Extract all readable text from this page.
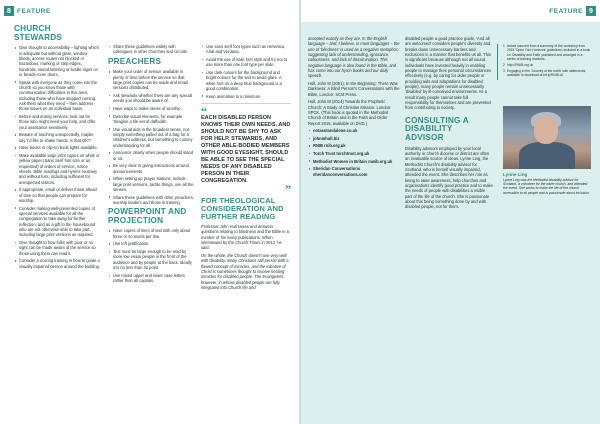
8 FEATURE	FEATURE 9
CHURCH STEWARDS
Give thought to accessibility – lighting which is adequate but without glare, window blinds, access routes not blocked or hazardous, marking of step edges, handrails, raised lettering or braille signs on or beside room doors.
Speak with everyone as they come into the church so you know those with communication difficulties in this area, including those who have stopped coming. Ask them what they need – then address those issues on an individual basis.
Before and during services, look out for those who might need your help, and offer your assistance sensitively.
Beware of touching unexpectedly, maybe say 'I'd like to shake hands, is that OK?'
Have books or clip-on book lights available.
Make available large print copies on white or yellow paper (Sans Serif font size or as requested) of orders of service, notice sheets, Bible readings and hymns routinely and without fuss, including sufficient for unexpected visitors.
If appropriate, email or deliver these ahead of time so that people can prepare for worship.
Consider making well-presented copies of special services available for all the congregation to take away for further reflection; and as a gift to the housebound who are not otherwise able to take part, including large print versions as required.
Give thought to how folks with poor or no sight can be made aware of the service so those using them can read it.
Consider a scoring training in how to guide a visually impaired person around the building.
Share these guidelines widely with colleagues in other churches and circuits.
PREACHERS
Make your order of service available in plenty of time before the service so that large print copies can be made and email versions distributed.
Ask stewards whether there are any special needs you should be aware of.
Have ways to make sense of worship.
Describe visual elements, for example 'Imagine a tile set of daffodils'.
Use visual aids in the broadest sense, not simply something pulled out of a bag for a children's address, but something to convey understanding for all.
Announce clearly when people should stand or sit.
Be very clear in giving instructions around announcements.
When setting up prayer stations, include large print versions, tactile things, use all the senses.
Share these guidelines with other preachers, worship leaders and those in training.
POWERPOINT AND PROJECTION
Have copies of lines of text with only about three or so words per line.
Use left justification.
Text must be large enough to be read by more low vision people in the front of the audience and by people at the back. Ideally it is no less than 32 point.
Use mixed upper and lower case letters rather than all capitals.
Use sans serif font types such as Helvetica, Arial and Verdana.
Avoid the use of italic font style and try not to use more than one font type per slide.
Use dark colours for the background and bright colours for the text to avoid glare. A white font on a deep blue background is a good combination.
Keep animation to a minimum.
“
EACH DISABLED PERSON KNOWS THEIR OWN NEEDS, AND SHOULD NOT BE SHY TO ASK FOR HELP. STEWARDS, AND OTHER ABLE-BODIED MEMBERS WITH GOOD EYESIGHT, SHOULD BE ABLE TO SEE THE SPECIAL NEEDS OF ANY DISABLED PERSON IN THEIR CONGREGATION.
”
FOR THEOLOGICAL CONSIDERATION AND FURTHER READING

Professor John Hull raises and answers questions relating to blindness and the Bible in a number of his many publications. When interviewed by the Church Times in 2013, he said:

On the whole, the Church doesn't use very well with disability. Many Christians still persist with a flawed concept of miracles, and the initiative of Christ is sometimes thought to involve healing miracles for disabled people. The Evangelists, however, in whose disabled people are fully integrated into Church life and

accepted exactly as they are. In the English language – and, I believe, in most languages – the use of 'blindness' is used as a negative metaphor, suggesting lack of understanding, ignorance, callousness, and lack of discrimination. This negative language is also found in the Bible, and has come into our hymn books and our daily speech.

Hull, John M (2001), In the Beginning: There Was Darkness: A Blind Person's Conversations with the Bible, London: SCM Press.

Hull, John M (2014) Towards the Prophetic Church: A Study of Christian Mission. London: SPCK. (This book is quoted in the Methodist Church of Britain and in the Faith and Order Report 2015, available on DVD.)

notasstandalone.co.uk
johnmhull.biz
RNIB rnib.org.uk
Torch Trust torchtrust.org.uk
Methodist Women in Britain mwib.org.uk
Sheridan Conversations sheridanconversations.com

disabled people a good practice guide, 'And all are welcomed' considers people's diversity and breaks down unnecessary barriers and exclusions in a manner that benefits us all. This is significant because although not all sound individuals have invested heavily in enabling people to manage their personal circumstances effectively (e.g. by caring for older people or providing aids and adaptations for disabled people), many people remain unnecessarily 'disabled' by ill-conceived environments. As a result many people cannot take full responsibility for themselves and are prevented from contributing to society.

CONSULTING A DISABILITY ADVISOR

Disability advisors employed by your local authority or church diocese or district are often an invaluable source of ideas. Lynne Ling, the Methodist Church's disability advisor for Scotland, who is herself visually impaired, attended the event. She describes her role as being to raise awareness, help churches and organisations identify good practice and to make the needs of people with disabilities a visible part of the life of the church. She is passionate about this being something done by and with disabled people, not for them.

1 Article sourced from a summary of the workshop from 2015 'Open Your Horizons' guidelines; included in a book on 'Disability and Faith' published and arranged in a series of training modules.
2 http://RNIB.org.uk
3 Engaging in the 'Journey of the earth' with statements, available to download at bit.ly/RNIB-AI
Lynne Ling
Lynne Ling was the Methodist disability advisor for Scotland, a volunteer for the wider church, and attended the event. She works to make the life of the church accessible to all people and is passionate about inclusion.
